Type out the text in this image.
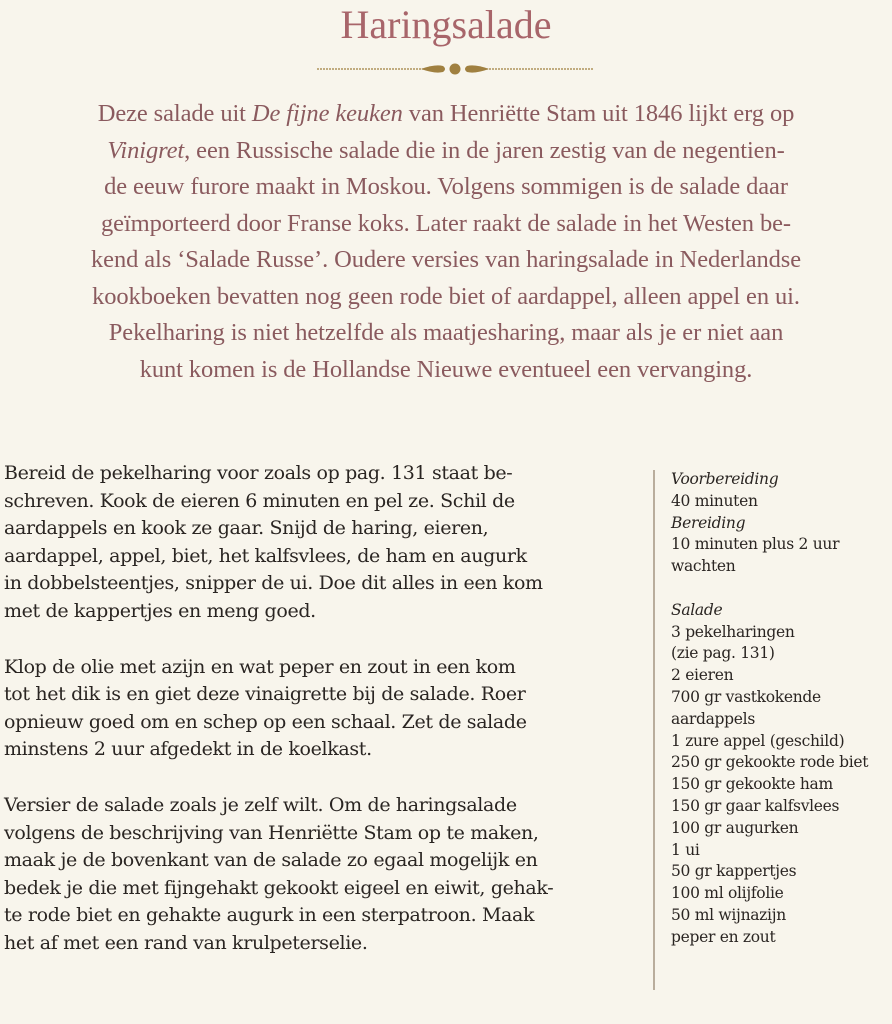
Haringsalade
Deze salade uit De fijne keuken van Henriëtte Stam uit 1846 lijkt erg op
Vinigret, een Russische salade die in de jaren zestig van de negentien-
de eeuw furore maakt in Moskou. Volgens sommigen is de salade daar
geïmporteerd door Franse koks. Later raakt de salade in het Westen be-
kend als ‘Salade Russe’. Oudere versies van haringsalade in Nederlandse
kookboeken bevatten nog geen rode biet of aardappel, alleen appel en ui.
Pekelharing is niet hetzelfde als maatjesharing, maar als je er niet aan
kunt komen is de Hollandse Nieuwe eventueel een vervanging.

Bereid de pekelharing voor zoals op pag. 131 staat be-
schreven. Kook de eieren 6 minuten en pel ze. Schil de
aardappels en kook ze gaar. Snijd de haring, eieren,
aardappel, appel, biet, het kalfsvlees, de ham en augurk
in dobbelsteentjes, snipper de ui. Doe dit alles in een kom
met de kappertjes en meng goed.

Klop de olie met azijn en wat peper en zout in een kom
tot het dik is en giet deze vinaigrette bij de salade. Roer
opnieuw goed om en schep op een schaal. Zet de salade
minstens 2 uur afgedekt in de koelkast.

Versier de salade zoals je zelf wilt. Om de haringsalade
volgens de beschrijving van Henriëtte Stam op te maken,
maak je de bovenkant van de salade zo egaal mogelijk en
bedek je die met fijngehakt gekookt eigeel en eiwit, gehak-
te rode biet en gehakte augurk in een sterpatroon. Maak
het af met een rand van krulpeterselie.

Voorbereiding
40 minuten
Bereiding
10 minuten plus 2 uur
wachten
Salade
3 pekelharingen
(zie pag. 131)
2 eieren
700 gr vastkokende
aardappels
1 zure appel (geschild)
250 gr gekookte rode biet
150 gr gekookte ham
150 gr gaar kalfsvlees
100 gr augurken
1 ui
50 gr kappertjes
100 ml olijfolie
50 ml wijnazijn
peper en zout
